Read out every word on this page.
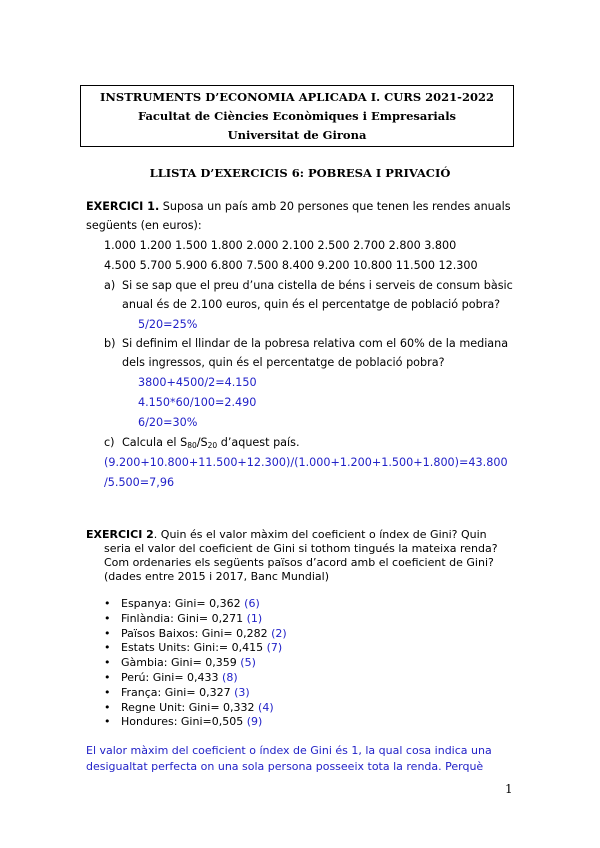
INSTRUMENTS D’ECONOMIA APLICADA I. CURS 2021-2022
Facultat de Ciències Econòmiques i Empresarials
Universitat de Girona
LLISTA D’EXERCICIS 6: POBRESA I PRIVACIÓ
EXERCICI 1. Suposa un país amb 20 persones que tenen les rendes anuals
següents (en euros):
1.000 1.200 1.500 1.800 2.000 2.100 2.500 2.700 2.800 3.800
4.500 5.700 5.900 6.800 7.500 8.400 9.200 10.800 11.500 12.300
a) Si se sap que el preu d’una cistella de béns i serveis de consum bàsic
anual és de 2.100 euros, quin és el percentatge de població pobra?
5/20=25%
b) Si definim el llindar de la pobresa relativa com el 60% de la mediana
dels ingressos, quin és el percentatge de població pobra?
3800+4500/2=4.150
4.150*60/100=2.490
6/20=30%
c) Calcula el $S_{80}/S_{20}$ d’aquest país.
(9.200+10.800+11.500+12.300)/(1.000+1.200+1.500+1.800)=43.800
/5.500=7,96
EXERCICI 2. Quin és el valor màxim del coeficient o índex de Gini? Quin
seria el valor del coeficient de Gini si tothom tingués la mateixa renda?
Com ordenaries els següents països d’acord amb el coeficient de Gini?
(dades entre 2015 i 2017, Banc Mundial)
• Espanya: Gini= 0,362 (6)
• Finlàndia: Gini= 0,271 (1)
• Països Baixos: Gini= 0,282 (2)
• Estats Units: Gini:= 0,415 (7)
• Gàmbia: Gini= 0,359 (5)
• Perú: Gini= 0,433 (8)
• França: Gini= 0,327 (3)
• Regne Unit: Gini= 0,332 (4)
• Hondures: Gini=0,505 (9)
El valor màxim del coeficient o índex de Gini és 1, la qual cosa indica una
desigualtat perfecta on una sola persona posseeix tota la renda. Perquè
1
